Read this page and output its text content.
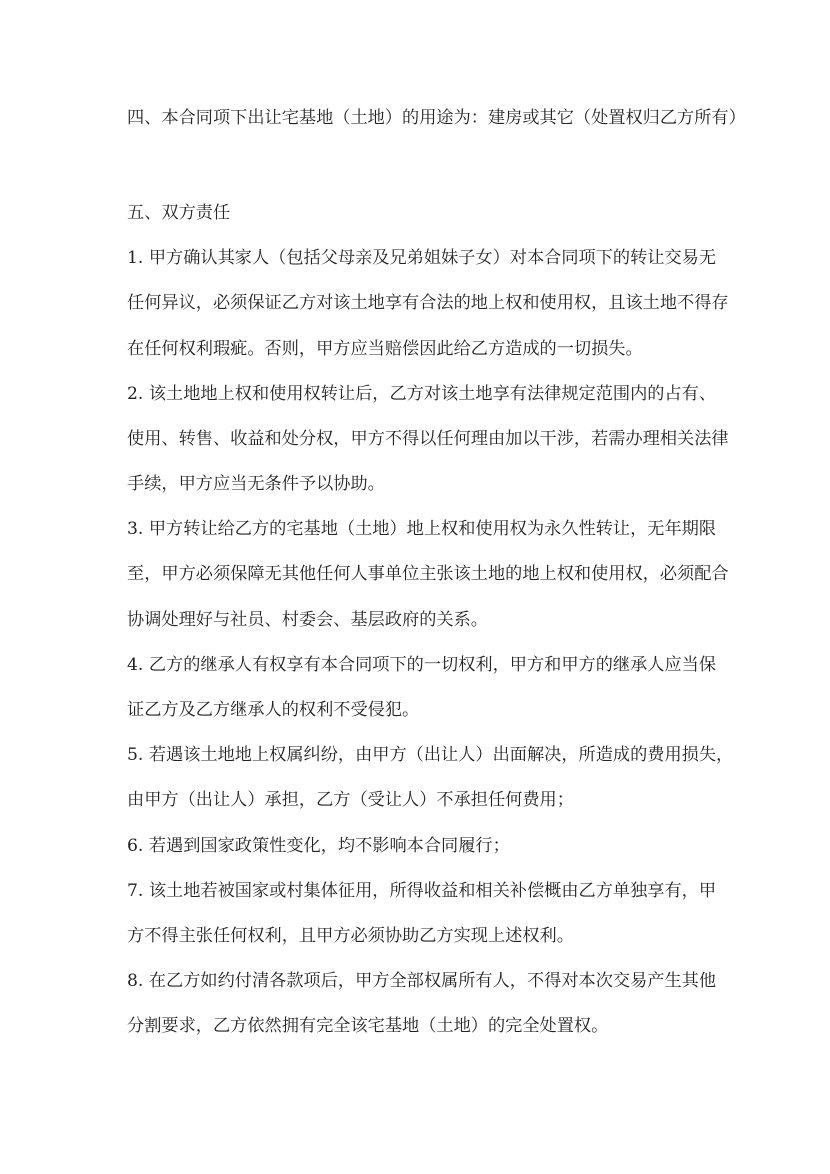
四、本合同项下出让宅基地（土地）的用途为：建房或其它（处置权归乙方所有）
五、双方责任
1. 甲方确认其家人（包括父母亲及兄弟姐妹子女）对本合同项下的转让交易无
任何异议，必须保证乙方对该土地享有合法的地上权和使用权，且该土地不得存
在任何权利瑕疵。否则，甲方应当赔偿因此给乙方造成的一切损失。
2. 该土地地上权和使用权转让后，乙方对该土地享有法律规定范围内的占有、
使用、转售、收益和处分权，甲方不得以任何理由加以干涉，若需办理相关法律
手续，甲方应当无条件予以协助。
3. 甲方转让给乙方的宅基地（土地）地上权和使用权为永久性转让，无年期限
至，甲方必须保障无其他任何人事单位主张该土地的地上权和使用权，必须配合
协调处理好与社员、村委会、基层政府的关系。
4. 乙方的继承人有权享有本合同项下的一切权利，甲方和甲方的继承人应当保
证乙方及乙方继承人的权利不受侵犯。
5. 若遇该土地地上权属纠纷，由甲方（出让人）出面解决，所造成的费用损失，
由甲方（出让人）承担，乙方（受让人）不承担任何费用；
6. 若遇到国家政策性变化，均不影响本合同履行；
7. 该土地若被国家或村集体征用，所得收益和相关补偿概由乙方单独享有，甲
方不得主张任何权利，且甲方必须协助乙方实现上述权利。
8. 在乙方如约付清各款项后，甲方全部权属所有人，不得对本次交易产生其他
分割要求，乙方依然拥有完全该宅基地（土地）的完全处置权。
